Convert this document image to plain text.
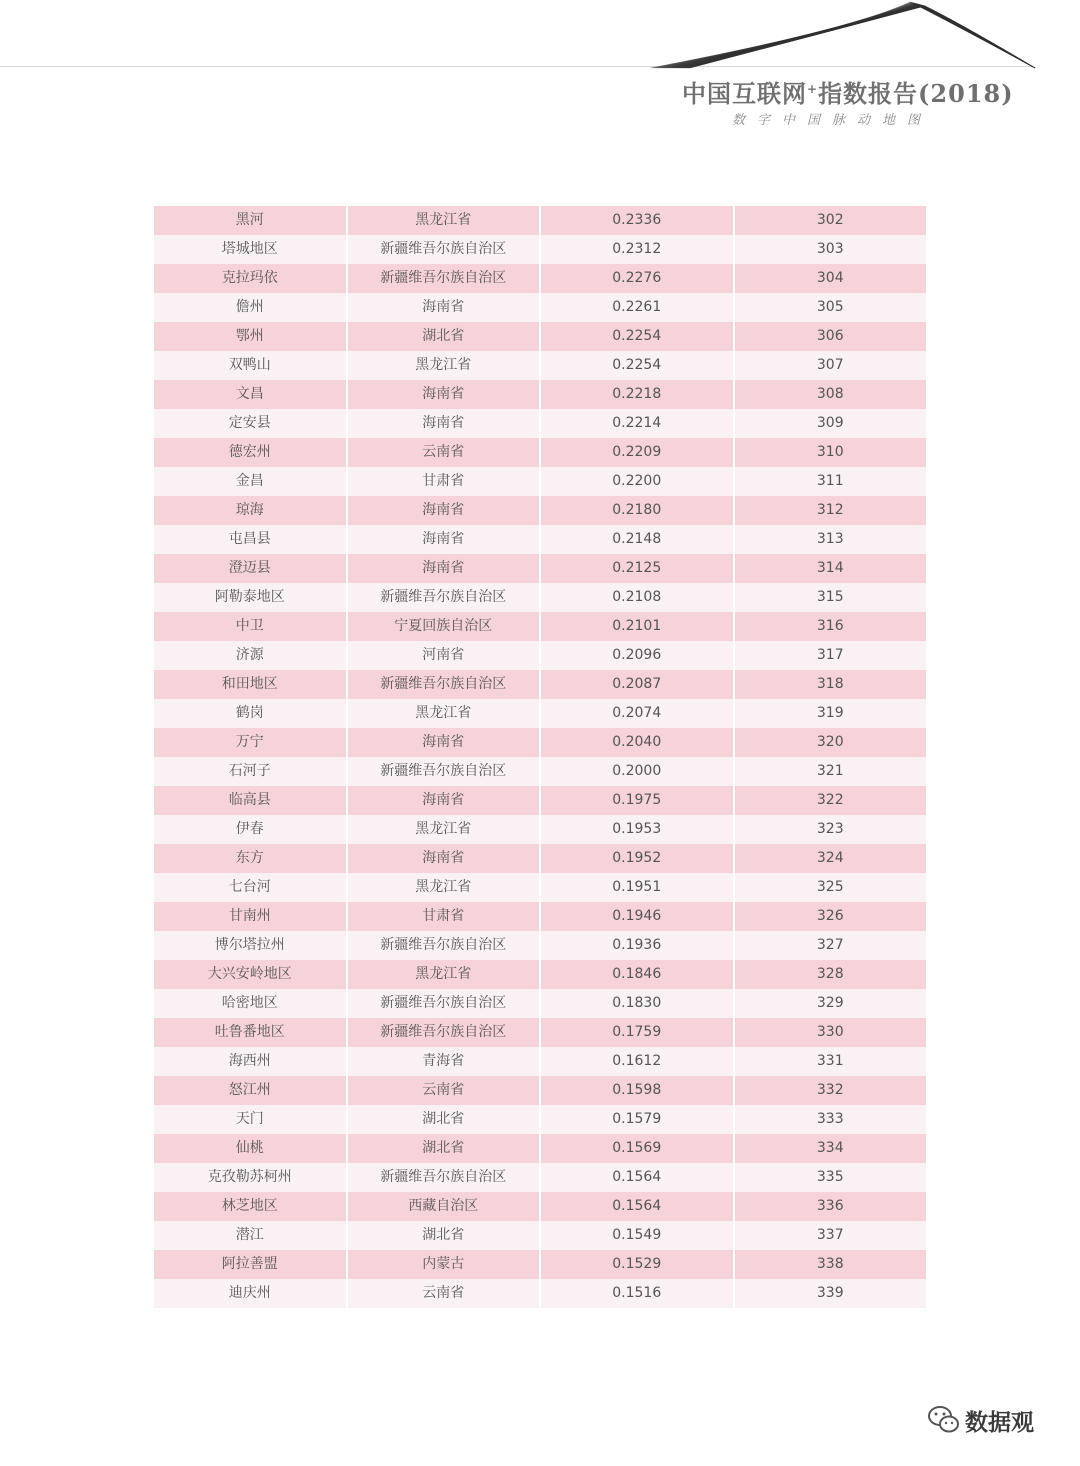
中国互联网+指数报告(2018)
数字中国脉动地图
黑河	黑龙江省	0.2336	302
塔城地区	新疆维吾尔族自治区	0.2312	303
克拉玛依	新疆维吾尔族自治区	0.2276	304
儋州	海南省	0.2261	305
鄂州	湖北省	0.2254	306
双鸭山	黑龙江省	0.2254	307
文昌	海南省	0.2218	308
定安县	海南省	0.2214	309
德宏州	云南省	0.2209	310
金昌	甘肃省	0.2200	311
琼海	海南省	0.2180	312
屯昌县	海南省	0.2148	313
澄迈县	海南省	0.2125	314
阿勒泰地区	新疆维吾尔族自治区	0.2108	315
中卫	宁夏回族自治区	0.2101	316
济源	河南省	0.2096	317
和田地区	新疆维吾尔族自治区	0.2087	318
鹤岗	黑龙江省	0.2074	319
万宁	海南省	0.2040	320
石河子	新疆维吾尔族自治区	0.2000	321
临高县	海南省	0.1975	322
伊春	黑龙江省	0.1953	323
东方	海南省	0.1952	324
七台河	黑龙江省	0.1951	325
甘南州	甘肃省	0.1946	326
博尔塔拉州	新疆维吾尔族自治区	0.1936	327
大兴安岭地区	黑龙江省	0.1846	328
哈密地区	新疆维吾尔族自治区	0.1830	329
吐鲁番地区	新疆维吾尔族自治区	0.1759	330
海西州	青海省	0.1612	331
怒江州	云南省	0.1598	332
天门	湖北省	0.1579	333
仙桃	湖北省	0.1569	334
克孜勒苏柯州	新疆维吾尔族自治区	0.1564	335
林芝地区	西藏自治区	0.1564	336
潜江	湖北省	0.1549	337
阿拉善盟	内蒙古	0.1529	338
迪庆州	云南省	0.1516	339
数据观
